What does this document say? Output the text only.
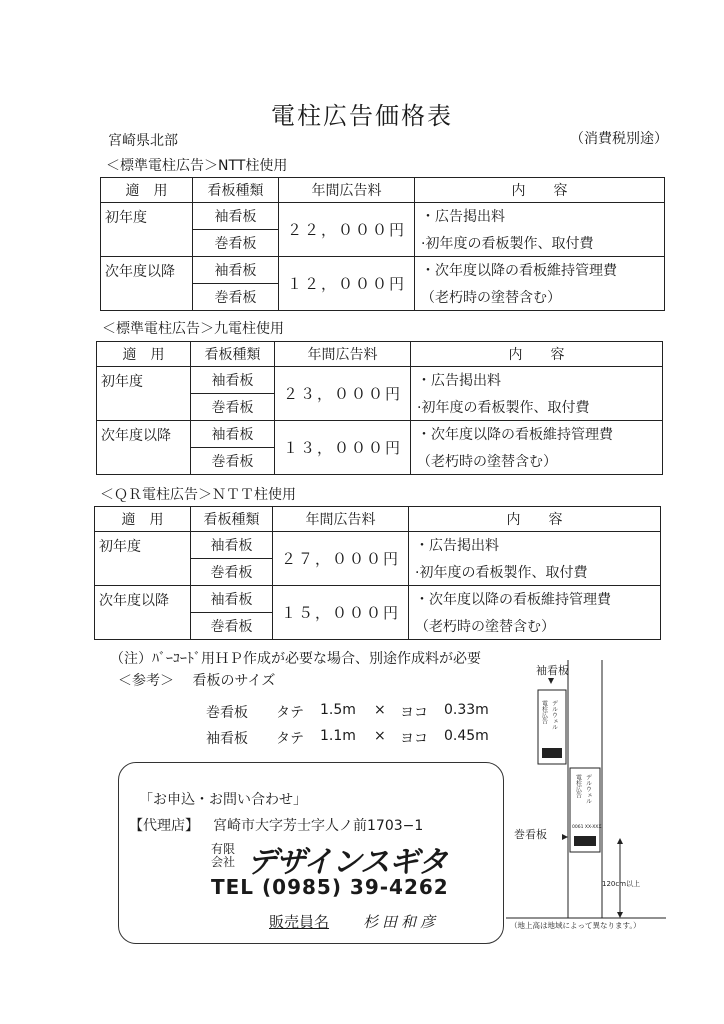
電柱広告価格表
宮崎県北部	（消費税別途）
＜標準電柱広告＞NTT柱使用
適　用	看板種類	年間広告料	内　　容
初年度	袖看板	２２，０００円	・広告掲出料
	巻看板		·初年度の看板製作、取付費
次年度以降	袖看板	１２，０００円	・次年度以降の看板維持管理費
	巻看板		（老朽時の塗替含む）
＜標準電柱広告＞九電柱使用
適　用	看板種類	年間広告料	内　　容
初年度	袖看板	２３，０００円	・広告掲出料
	巻看板		·初年度の看板製作、取付費
次年度以降	袖看板	１３，０００円	・次年度以降の看板維持管理費
	巻看板		（老朽時の塗替含む）
＜ＱＲ電柱広告＞ＮＴＴ柱使用
適　用	看板種類	年間広告料	内　　容
初年度	袖看板	２７，０００円	・広告掲出料
	巻看板		·初年度の看板製作、取付費
次年度以降	袖看板	１５，０００円	・次年度以降の看板維持管理費
	巻看板		（老朽時の塗替含む）
（注）ﾊﾞｰｺｰﾄﾞ用ＨＰ作成が必要な場合、別途作成料が必要
＜参考＞ 看板のサイズ
巻看板 タテ 1.5m × ヨコ 0.33m
袖看板 タテ 1.1m × ヨコ 0.45m
「お申込・お問い合わせ」
【代理店】 宮崎市大字芳士字人ノ前1703−1
有限会社 デザインスギタ
TEL (0985) 39-4262
販売員名 杉田和彦
袖看板
巻看板
120cm以上
電柱広告 デルウェル
電柱広告 デルウェル
0061 XX-XXX
（地上高は地域によって異なります。）
